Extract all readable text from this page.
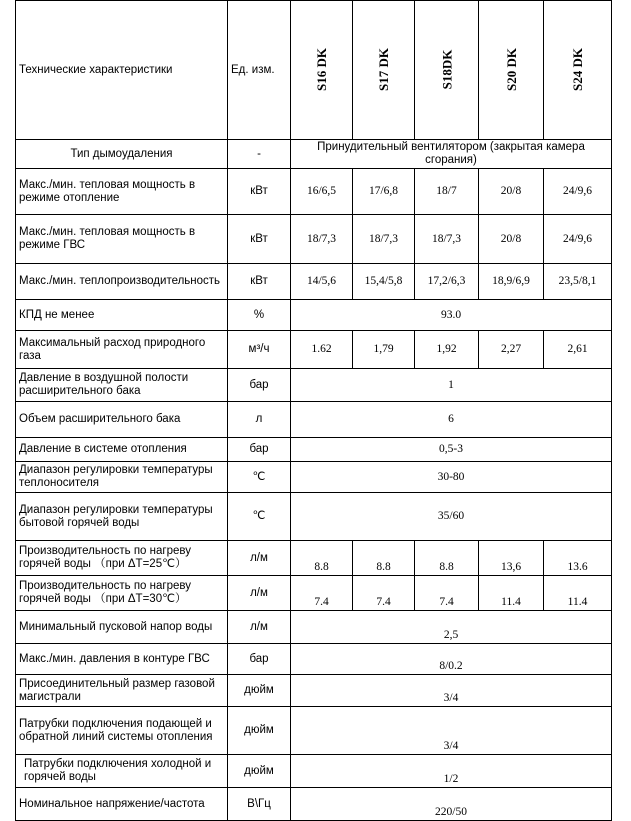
Технические характеристики	Ед. изм.	S16 DK	S17 DK	S18DK	S20 DK	S24 DK
Тип дымоудаления	-	Принудительный вентилятором (закрытая камера сгорания)				
Макс./мин. тепловая мощность в режиме отопление	кВт	16/6,5	17/6,8	18/7	20/8	24/9,6
Макс./мин. тепловая мощность в режиме ГВС	кВт	18/7,3	18/7,3	18/7,3	20/8	24/9,6
Макс./мин. теплопроизводительность	кВт	14/5,6	15,4/5,8	17,2/6,3	18,9/6,9	23,5/8,1
КПД не менее	%	93.0				
Максимальный расход природного газа	м³/ч	1.62	1,79	1,92	2,27	2,61
Давление в воздушной полости расширительного бака	бар	1				
Объем расширительного бака	л	6				
Давление в системе отопления	бар	0,5-3				
Диапазон регулировки температуры теплоносителя	℃	30-80				
Диапазон регулировки температуры бытовой горячей воды	℃	35/60				
Производительность по нагреву горячей воды （при ΔT=25℃）	л/м	8.8	8.8	8.8	13,6	13.6
Производительность по нагреву горячей воды （при ΔT=30℃）	л/м	7.4	7.4	7.4	11.4	11.4
Минимальный пусковой напор воды	л/м	2,5				
Макс./мин. давления в контуре ГВС	бар	8/0.2				
Присоединительный размер газовой магистрали	дюйм	3/4				
Патрубки подключения подающей и обратной линий системы отопления	дюйм	3/4				
Патрубки подключения холодной и горячей воды	дюйм	1/2				
Номинальное напряжение/частота	В\Гц	220/50				
